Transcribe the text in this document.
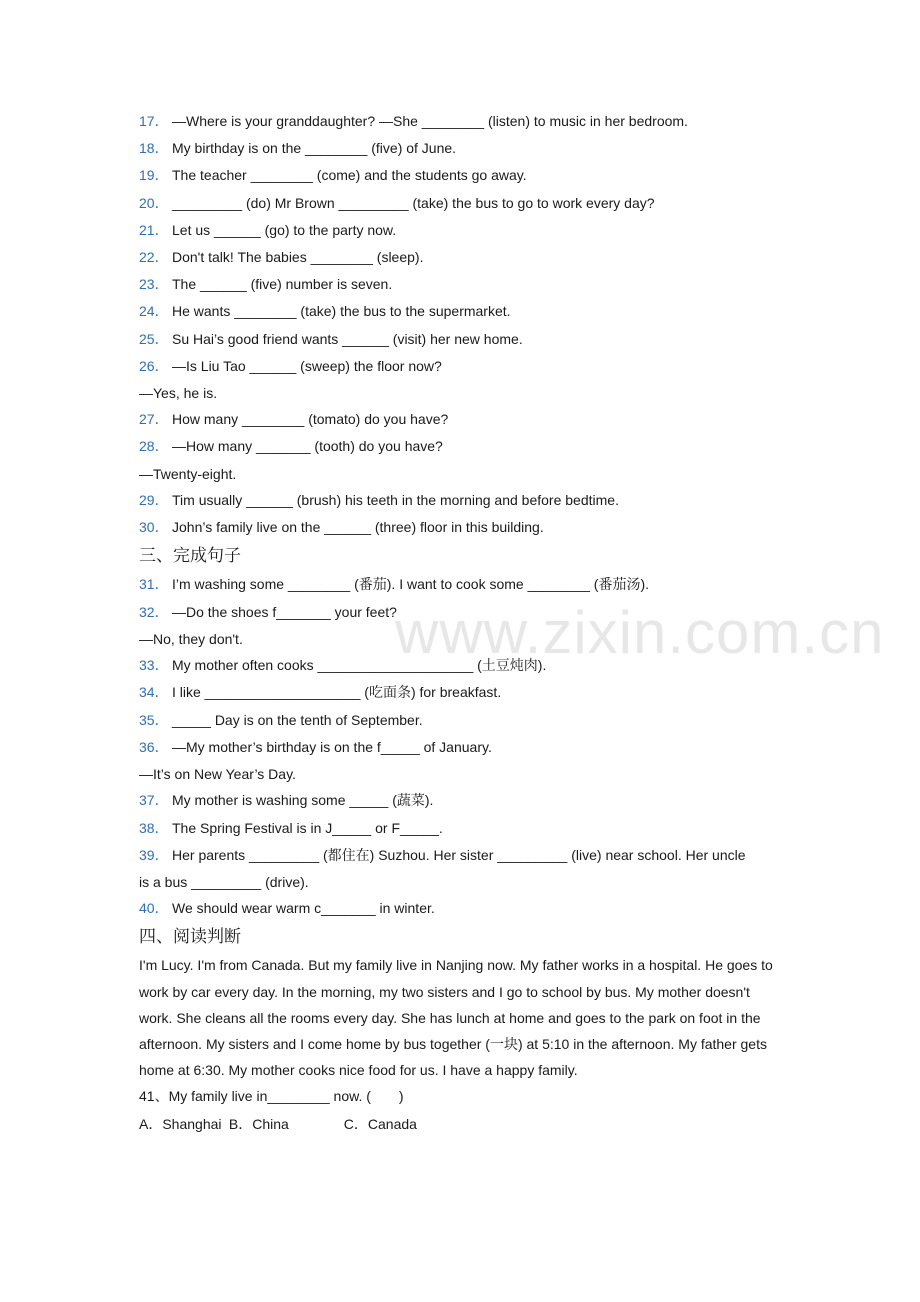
17． —Where is your granddaughter? —She ________ (listen) to music in her bedroom.
18． My birthday is on the ________ (five) of June.
19． The teacher ________ (come) and the students go away.
20． _________ (do) Mr Brown _________ (take) the bus to go to work every day?
21． Let us ______ (go) to the party now.
22． Don't talk! The babies ________ (sleep).
23． The ______ (five) number is seven.
24． He wants ________ (take) the bus to the supermarket.
25． Su Hai’s good friend wants ______ (visit) her new home.
26． —Is Liu Tao ______ (sweep) the floor now?
—Yes, he is.
27． How many ________ (tomato) do you have?
28． —How many _______ (tooth) do you have?
—Twenty-eight.
29． Tim usually ______ (brush) his teeth in the morning and before bedtime.
30． John’s family live on the ______ (three) floor in this building.
三、完成句子
31． I’m washing some ________ (番茄). I want to cook some ________ (番茄汤).
32． —Do the shoes f_______ your feet?
—No, they don't.
33． My mother often cooks ____________________ (土豆炖肉).
34． I like ____________________ (吃面条) for breakfast.
35． _____ Day is on the tenth of September.
36． —My mother’s birthday is on the f_____ of January.
—It’s on New Year’s Day.
37． My mother is washing some _____ (蔬菜).
38． The Spring Festival is in J_____ or F_____.
39． Her parents _________ (都住在) Suzhou. Her sister _________ (live) near school. Her uncle
is a bus _________ (drive).
40． We should wear warm c_______ in winter.
四、阅读判断
I'm Lucy. I'm from Canada. But my family live in Nanjing now. My father works in a hospital. He goes to work by car every day. In the morning, my two sisters and I go to school by bus. My mother doesn't work. She cleans all the rooms every day. She has lunch at home and goes to the park on foot in the afternoon. My sisters and I come home by bus together (一块) at 5:10 in the afternoon. My father gets home at 6:30. My mother cooks nice food for us. I have a happy family.
41、My family live in________ now. (　　)
A．Shanghai B．China	C．Canada
www.zixin.com.cn
